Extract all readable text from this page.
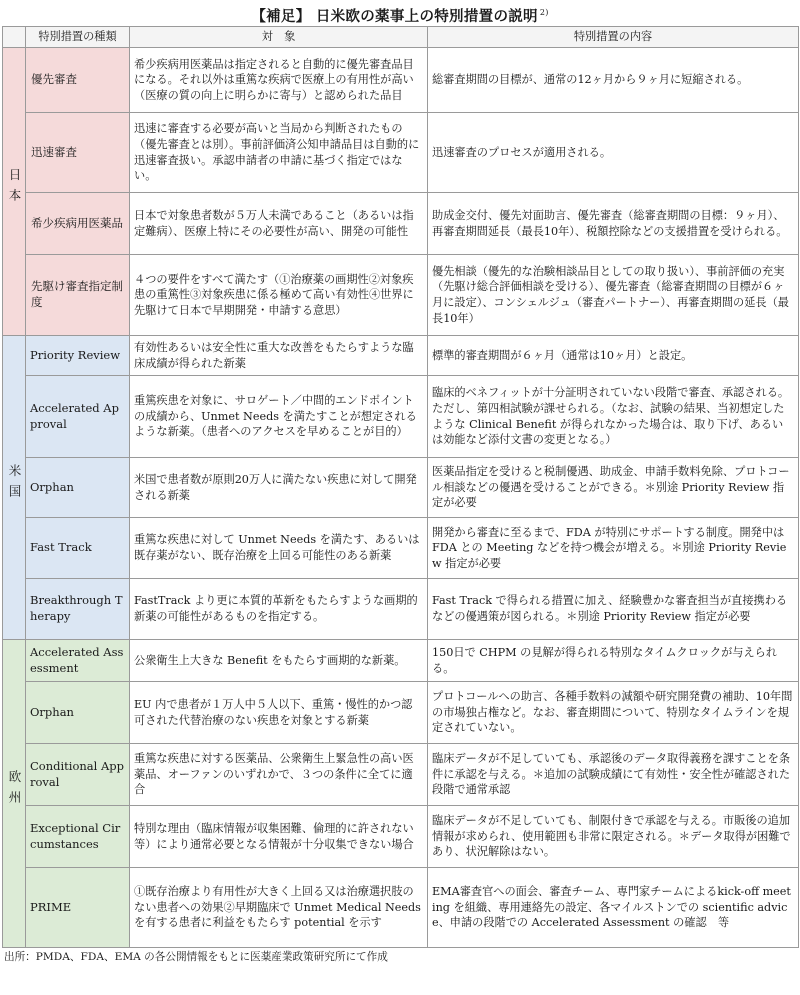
【補足】 日米欧の薬事上の特別措置の説明 $^{2)}$
	特別措置の種類	対　象	特別措置の内容
日本	優先審査	希少疾病用医薬品は指定されると自動的に優先審査品目になる。それ以外は重篤な疾病で医療上の有用性が高い（医療の質の向上に明らかに寄与）と認められた品目	総審査期間の目標が、通常の12ヶ月から９ヶ月に短縮される。
	迅速審査	迅速に審査する必要が高いと当局から判断されたもの（優先審査とは別）。事前評価済公知申請品目は自動的に迅速審査扱い。承認申請者の申請に基づく指定ではない。	迅速審査のプロセスが適用される。
	希少疾病用医薬品	日本で対象患者数が５万人未満であること（あるいは指定難病）、医療上特にその必要性が高い、開発の可能性	助成金交付、優先対面助言、優先審査（総審査期間の目標：９ヶ月）、再審査期間延長（最長10年）、税額控除などの支援措置を受けられる。
	先駆け審査指定制度	４つの要件をすべて満たす（①治療薬の画期性②対象疾患の重篤性③対象疾患に係る極めて高い有効性④世界に先駆けて日本で早期開発・申請する意思）	優先相談（優先的な治験相談品目としての取り扱い）、事前評価の充実（先駆け総合評価相談を受ける）、優先審査（総審査期間の目標が６ヶ月に設定）、コンシェルジュ（審査パートナー）、再審査期間の延長（最長10年）
米国	Priority Review	有効性あるいは安全性に重大な改善をもたらすような臨床成績が得られた新薬	標準的審査期間が６ヶ月（通常は10ヶ月）と設定。
	Accelerated Approval	重篤疾患を対象に、サロゲート／中間的エンドポイントの成績から、Unmet Needs を満たすことが想定されるような新薬。（患者へのアクセスを早めることが目的）	臨床的ベネフィットが十分証明されていない段階で審査、承認される。ただし、第四相試験が課せられる。（なお、試験の結果、当初想定したような Clinical Benefit が得られなかった場合は、取り下げ、あるいは効能など添付文書の変更となる。）
	Orphan	米国で患者数が原則20万人に満たない疾患に対して開発される新薬	医薬品指定を受けると税制優遇、助成金、申請手数料免除、プロトコール相談などの優遇を受けることができる。＊別途 Priority Review 指定が必要
	Fast Track	重篤な疾患に対して Unmet Needs を満たす、あるいは既存薬がない、既存治療を上回る可能性のある新薬	開発から審査に至るまで、FDA が特別にサポートする制度。開発中は FDA との Meeting などを持つ機会が増える。＊別途 Priority Review 指定が必要
	Breakthrough Therapy	FastTrack より更に本質的革新をもたらすような画期的新薬の可能性があるものを指定する。	Fast Track で得られる措置に加え、経験豊かな審査担当が直接携わるなどの優遇策が図られる。＊別途 Priority Review 指定が必要
欧州	Accelerated Assessment	公衆衛生上大きな Benefit をもたらす画期的な新薬。	150日で CHPM の見解が得られる特別なタイムクロックが与えられる。
	Orphan	EU 内で患者が１万人中５人以下、重篤・慢性的かつ認可された代替治療のない疾患を対象とする新薬	プロトコールへの助言、各種手数料の減額や研究開発費の補助、10年間の市場独占権など。なお、審査期間について、特別なタイムラインを規定されていない。
	Conditional Approval	重篤な疾患に対する医薬品、公衆衛生上緊急性の高い医薬品、オーファンのいずれかで、３つの条件に全てに適合	臨床データが不足していても、承認後のデータ取得義務を課すことを条件に承認を与える。＊追加の試験成績にて有効性・安全性が確認された段階で通常承認
	Exceptional Circumstances	特別な理由（臨床情報が収集困難、倫理的に許されない等）により通常必要となる情報が十分収集できない場合	臨床データが不足していても、制限付きで承認を与える。市販後の追加情報が求められ、使用範囲も非常に限定される。＊データ取得が困難であり、状況解除はない。
	PRIME	①既存治療より有用性が大きく上回る又は治療選択肢のない患者への効果②早期臨床で Unmet Medical Needs を有する患者に利益をもたらす potential を示す	EMA審査官への面会、審査チーム、専門家チームによるkick-off meeting を組織、専用連絡先の設定、各マイルストンでの scientific advice、申請の段階での Accelerated Assessment の確認　等
出所：PMDA、FDA、EMA の各公開情報をもとに医薬産業政策研究所にて作成
